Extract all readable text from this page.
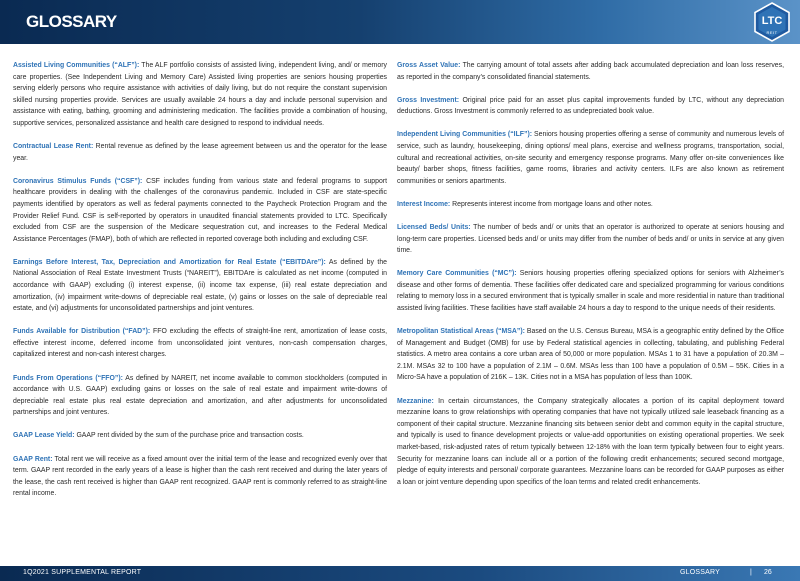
GLOSSARY	LTC
REIT
Assisted Living Communities (“ALF”): The ALF portfolio consists of assisted living, independent living, and/ or memory care properties. (See Independent Living and Memory Care) Assisted living properties are seniors housing properties serving elderly persons who require assistance with activities of daily living, but do not require the constant supervision skilled nursing properties provide. Services are usually available 24 hours a day and include personal supervision and assistance with eating, bathing, grooming and administering medication. The facilities provide a combination of housing, supportive services, personalized assistance and health care designed to respond to individual needs.
Contractual Lease Rent: Rental revenue as defined by the lease agreement between us and the operator for the lease year.
Coronavirus Stimulus Funds (“CSF”): CSF includes funding from various state and federal programs to support healthcare providers in dealing with the challenges of the coronavirus pandemic. Included in CSF are state-specific payments identified by operators as well as federal payments connected to the Paycheck Protection Program and the Provider Relief Fund. CSF is self-reported by operators in unaudited financial statements provided to LTC. Specifically excluded from CSF are the suspension of the Medicare sequestration cut, and increases to the Federal Medical Assistance Percentages (FMAP), both of which are reflected in reported coverage both including and excluding CSF.
Earnings Before Interest, Tax, Depreciation and Amortization for Real Estate (“EBITDAre”): As defined by the National Association of Real Estate Investment Trusts (“NAREIT”), EBITDAre is calculated as net income (computed in accordance with GAAP) excluding (i) interest expense, (ii) income tax expense, (iii) real estate depreciation and amortization, (iv) impairment write-downs of depreciable real estate, (v) gains or losses on the sale of depreciable real estate, and (vi) adjustments for unconsolidated partnerships and joint ventures.
Funds Available for Distribution (“FAD”): FFO excluding the effects of straight-line rent, amortization of lease costs, effective interest income, deferred income from unconsolidated joint ventures, non-cash compensation charges, capitalized interest and non-cash interest charges.
Funds From Operations (“FFO”): As defined by NAREIT, net income available to common stockholders (computed in accordance with U.S. GAAP) excluding gains or losses on the sale of real estate and impairment write-downs of depreciable real estate plus real estate depreciation and amortization, and after adjustments for unconsolidated partnerships and joint ventures.
GAAP Lease Yield: GAAP rent divided by the sum of the purchase price and transaction costs.
GAAP Rent: Total rent we will receive as a fixed amount over the initial term of the lease and recognized evenly over that term. GAAP rent recorded in the early years of a lease is higher than the cash rent received and during the later years of the lease, the cash rent received is higher than GAAP rent recognized. GAAP rent is commonly referred to as straight-line rental income.
Gross Asset Value: The carrying amount of total assets after adding back accumulated depreciation and loan loss reserves, as reported in the company’s consolidated financial statements.
Gross Investment: Original price paid for an asset plus capital improvements funded by LTC, without any depreciation deductions. Gross Investment is commonly referred to as undepreciated book value.
Independent Living Communities (“ILF”): Seniors housing properties offering a sense of community and numerous levels of service, such as laundry, housekeeping, dining options/ meal plans, exercise and wellness programs, transportation, social, cultural and recreational activities, on-site security and emergency response programs. Many offer on-site conveniences like beauty/ barber shops, fitness facilities, game rooms, libraries and activity centers. ILFs are also known as retirement communities or seniors apartments.
Interest Income: Represents interest income from mortgage loans and other notes.
Licensed Beds/ Units: The number of beds and/ or units that an operator is authorized to operate at seniors housing and long-term care properties. Licensed beds and/ or units may differ from the number of beds and/ or units in service at any given time.
Memory Care Communities (“MC”): Seniors housing properties offering specialized options for seniors with Alzheimer’s disease and other forms of dementia. These facilities offer dedicated care and specialized programming for various conditions relating to memory loss in a secured environment that is typically smaller in scale and more residential in nature than traditional assisted living facilities. These facilities have staff available 24 hours a day to respond to the unique needs of their residents.
Metropolitan Statistical Areas (“MSA”): Based on the U.S. Census Bureau, MSA is a geographic entity defined by the Office of Management and Budget (OMB) for use by Federal statistical agencies in collecting, tabulating, and publishing Federal statistics. A metro area contains a core urban area of 50,000 or more population. MSAs 1 to 31 have a population of 20.3M – 2.1M. MSAs 32 to 100 have a population of 2.1M – 0.6M. MSAs less than 100 have a population of 0.5M – 55K. Cities in a Micro-SA have a population of 216K – 13K. Cities not in a MSA has population of less than 100K.
Mezzanine: In certain circumstances, the Company strategically allocates a portion of its capital deployment toward mezzanine loans to grow relationships with operating companies that have not typically utilized sale leaseback financing as a component of their capital structure. Mezzanine financing sits between senior debt and common equity in the capital structure, and typically is used to finance development projects or value-add opportunities on existing operational properties. We seek market-based, risk-adjusted rates of return typically between 12-18% with the loan term typically between four to eight years. Security for mezzanine loans can include all or a portion of the following credit enhancements; secured second mortgage, pledge of equity interests and personal/ corporate guarantees. Mezzanine loans can be recorded for GAAP purposes as either a loan or joint venture depending upon specifics of the loan terms and related credit enhancements.
1Q2021 SUPPLEMENTAL REPORT	GLOSSARY	| 26
